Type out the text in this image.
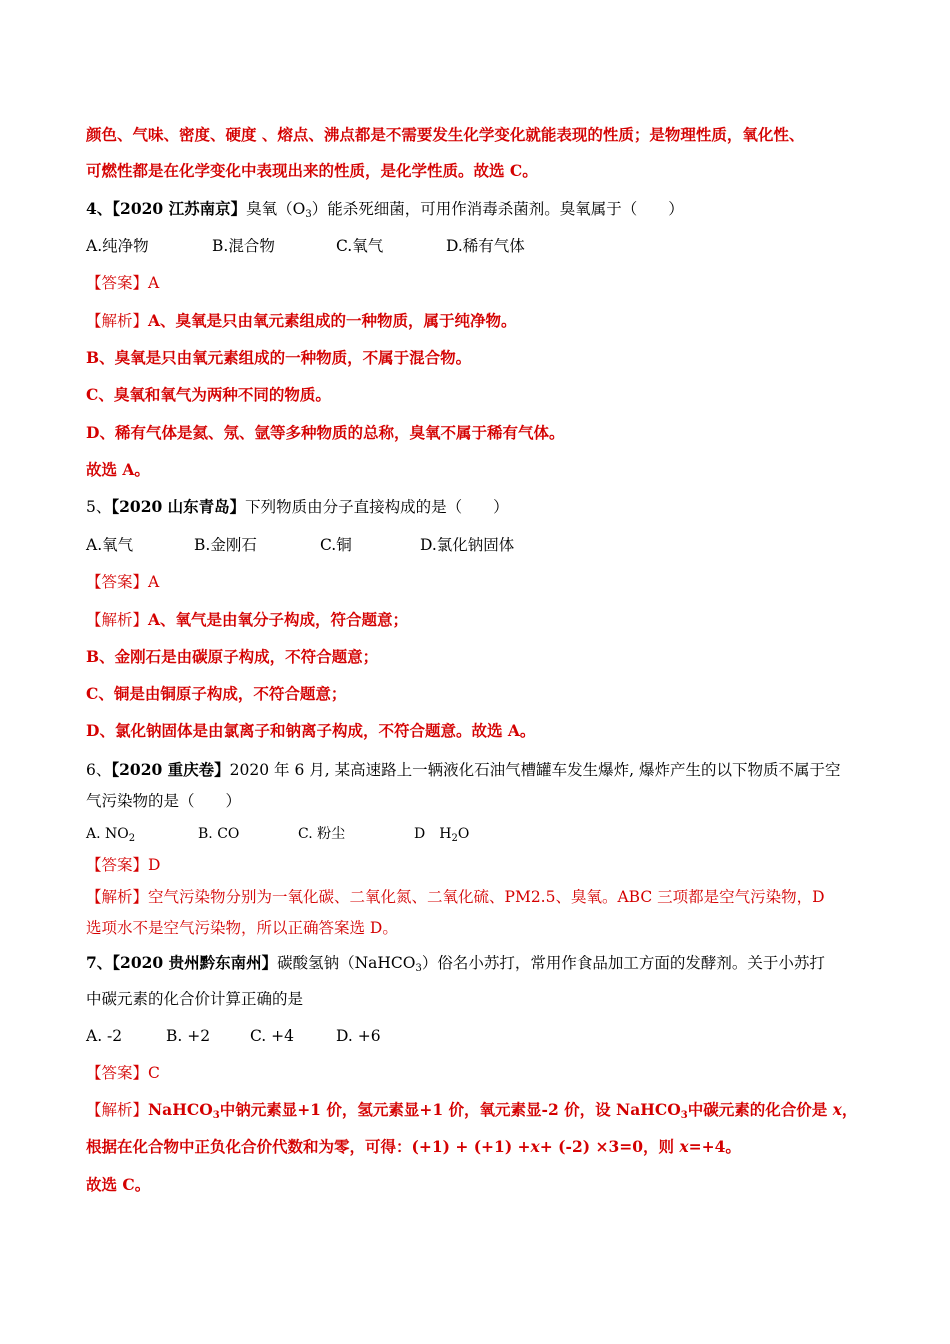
颜色、气味、密度、硬度 、熔点、沸点都是不需要发生化学变化就能表现的性质；是物理性质，氧化性、
可燃性都是在化学变化中表现出来的性质，是化学性质。故选 C。
4、【2020 江苏南京】臭氧$(O_3)$能杀死细菌，可用作消毒杀菌剂。臭氧属于（　　）
A.纯净物	B.混合物	C.氧气	D.稀有气体
【答案】A
【解析】A、臭氧是只由氧元素组成的一种物质，属于纯净物。
B、臭氧是只由氧元素组成的一种物质，不属于混合物。
C、臭氧和氧气为两种不同的物质。
D、稀有气体是氦、氖、氩等多种物质的总称，臭氧不属于稀有气体。
故选 A。
5、【2020 山东青岛】下列物质由分子直接构成的是（　　）
A.氧气	B.金刚石	C.铜	D.氯化钠固体
【答案】A
【解析】A、氧气是由氧分子构成，符合题意；
B、金刚石是由碳原子构成，不符合题意；
C、铜是由铜原子构成，不符合题意；
D、氯化钠固体是由氯离子和钠离子构成，不符合题意。故选 A。
6、【2020 重庆卷】2020 年 6 月, 某高速路上一辆液化石油气槽罐车发生爆炸, 爆炸产生的以下物质不属于空
气污染物的是（　　）
A. $NO_2$	B. CO	C. 粉尘	D　$H_2O$
【答案】D
【解析】空气污染物分别为一氧化碳、二氧化氮、二氧化硫、PM2.5、臭氧。ABC 三项都是空气污染物，D
选项水不是空气污染物，所以正确答案选 D。
7、【2020 贵州黔东南州】碳酸氢钠（NaHCO$_3$）俗名小苏打，常用作食品加工方面的发酵剂。关于小苏打
中碳元素的化合价计算正确的是
A. -2	B. +2	C. +4	D. +6
【答案】C
【解析】NaHCO$_3$中钠元素显+1 价，氢元素显+1 价，氧元素显-2 价，设 NaHCO$_3$中碳元素的化合价是 x，
根据在化合物中正负化合价代数和为零，可得：(+1) + (+1) +x+ (-2) ×3=0，则 x=+4。
故选 C。
